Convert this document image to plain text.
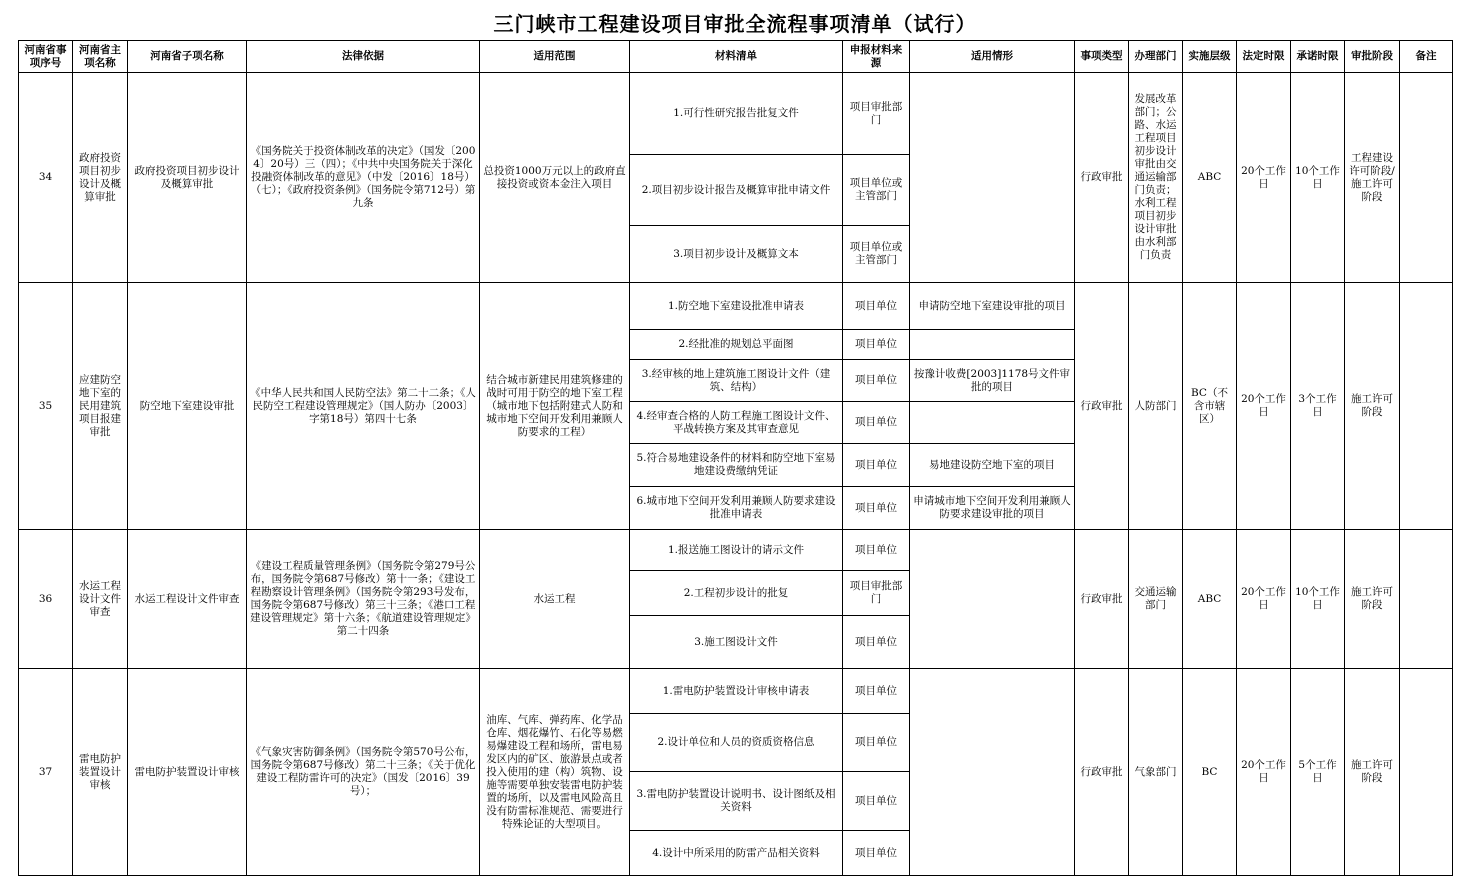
三门峡市工程建设项目审批全流程事项清单（试行）
河南省事项序号	河南省主项名称	河南省子项名称	法律依据	适用范围	材料清单	申报材料来源	适用情形	事项类型	办理部门	实施层级	法定时限	承诺时限	审批阶段	备注
34	政府投资项目初步设计及概算审批	政府投资项目初步设计及概算审批	《国务院关于投资体制改革的决定》（国发〔2004〕20号）三（四）；《中共中央国务院关于深化投融资体制改革的意见》（中发〔2016〕18号）（七）；《政府投资条例》（国务院令第712号）第九条	总投资1000万元以上的政府直接投资或资本金注入项目	1.可行性研究报告批复文件	项目审批部门		行政审批	发展改革部门；公路、水运工程项目初步设计审批由交通运输部门负责；水利工程项目初步设计审批由水利部门负责	ABC	20个工作日	10个工作日	工程建设许可阶段/施工许可阶段	
					2.项目初步设计报告及概算审批申请文件	项目单位或主管部门								
					3.项目初步设计及概算文本	项目单位或主管部门								
35	应建防空地下室的民用建筑项目报建审批	防空地下室建设审批	《中华人民共和国人民防空法》第二十二条；《人民防空工程建设管理规定》（国人防办〔2003〕字第18号）第四十七条	结合城市新建民用建筑修建的战时可用于防空的地下室工程（城市地下包括附建式人防和城市地下空间开发利用兼顾人防要求的工程）	1.防空地下室建设批准申请表	项目单位	申请防空地下室建设审批的项目	行政审批	人防部门	BC（不含市辖区）	20个工作日	3个工作日	施工许可阶段	
					2.经批准的规划总平面图	项目单位								
					3.经审核的地上建筑施工图设计文件（建筑、结构）	项目单位	按豫计收费[2003]1178号文件审批的项目							
					4.经审查合格的人防工程施工图设计文件、平战转换方案及其审查意见	项目单位								
					5.符合易地建设条件的材料和防空地下室易地建设费缴纳凭证	项目单位	易地建设防空地下室的项目							
					6.城市地下空间开发利用兼顾人防要求建设批准申请表	项目单位	申请城市地下空间开发利用兼顾人防要求建设审批的项目							
36	水运工程设计文件审查	水运工程设计文件审查	《建设工程质量管理条例》（国务院令第279号公布，国务院令第687号修改）第十一条；《建设工程勘察设计管理条例》（国务院令第293号发布，国务院令第687号修改）第三十三条；《港口工程建设管理规定》第十六条；《航道建设管理规定》第二十四条	水运工程	1.报送施工图设计的请示文件	项目单位		行政审批	交通运输部门	ABC	20个工作日	10个工作日	施工许可阶段	
					2.工程初步设计的批复	项目审批部门								
					3.施工图设计文件	项目单位								
37	雷电防护装置设计审核	雷电防护装置设计审核	《气象灾害防御条例》（国务院令第570号公布，国务院令第687号修改）第二十三条；《关于优化建设工程防雷许可的决定》（国发〔2016〕39号）；	油库、气库、弹药库、化学品仓库、烟花爆竹、石化等易燃易爆建设工程和场所，雷电易发区内的矿区、旅游景点或者投入使用的建（构）筑物、设施等需要单独安装雷电防护装置的场所，以及雷电风险高且没有防雷标准规范、需要进行特殊论证的大型项目。	1.雷电防护装置设计审核申请表	项目单位		行政审批	气象部门	BC	20个工作日	5个工作日	施工许可阶段	
					2.设计单位和人员的资质资格信息	项目单位								
					3.雷电防护装置设计说明书、设计图纸及相关资料	项目单位								
					4.设计中所采用的防雷产品相关资料	项目单位								
